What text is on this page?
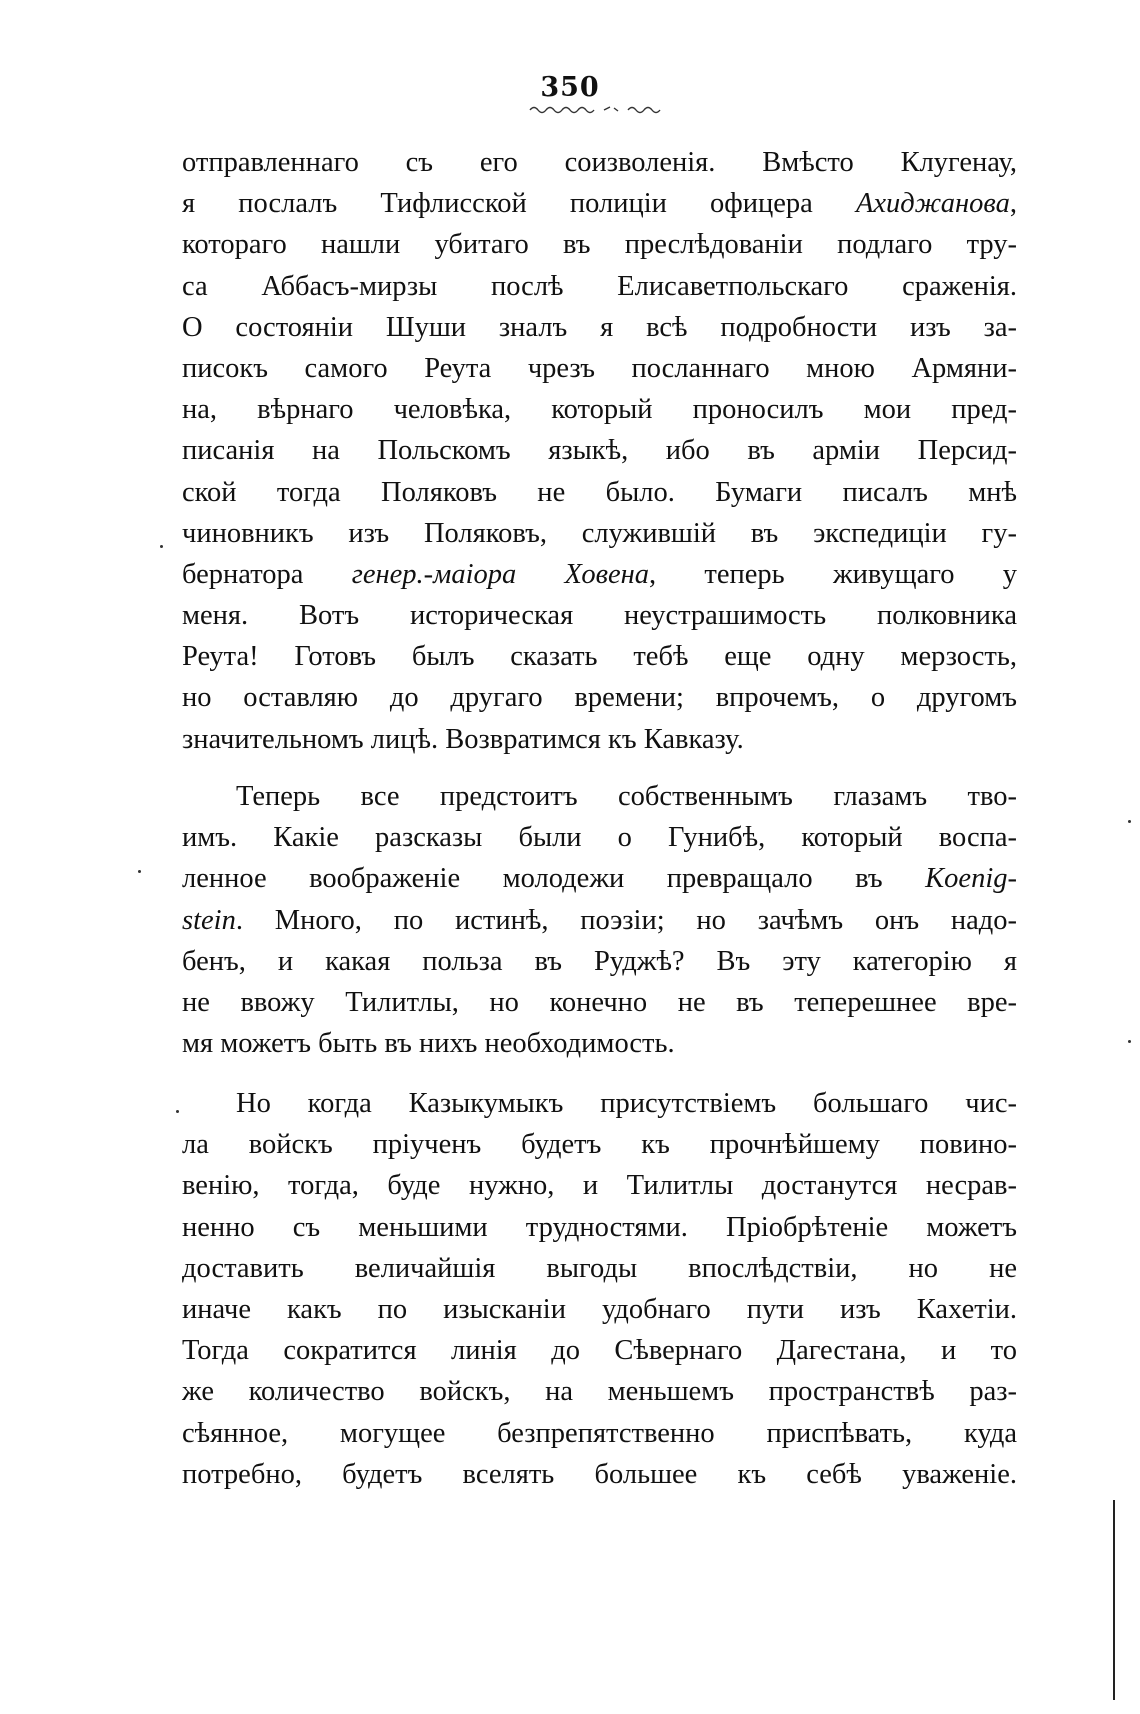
350
отправленнаго съ его соизволенія. Вмѣсто Клугенау,
я послалъ Тифлисской полиціи офицера Ахиджанова,
котораго нашли убитаго въ преслѣдованіи подлаго тру-
са Аббасъ-мирзы послѣ Елисаветпольскаго сраженія.
О состояніи Шуши зналъ я всѣ подробности изъ за-
писокъ самого Реута чрезъ посланнаго мною Армяни-
на, вѣрнаго человѣка, который проносилъ мои пред-
писанія на Польскомъ языкѣ, ибо въ арміи Персид-
ской тогда Поляковъ не было. Бумаги писалъ мнѣ
чиновникъ изъ Поляковъ, служившій въ экспедиціи гу-
бернатора генер.-маіора Ховена, теперь живущаго у
меня. Вотъ историческая неустрашимость полковника
Реута! Готовъ былъ сказать тебѣ еще одну мерзость,
но оставляю до другаго времени; впрочемъ, о другомъ
значительномъ лицѣ. Возвратимся къ Кавказу.
Теперь все предстоитъ собственнымъ глазамъ тво-
имъ. Какіе разсказы были о Гунибѣ, который воспа-
ленное воображеніе молодежи превращало въ Koenig-
stein. Много, по истинѣ, поэзіи; но зачѣмъ онъ надо-
бенъ, и какая польза въ Руджѣ? Въ эту категорію я
не ввожу Тилитлы, но конечно не въ теперешнее вре-
мя можетъ быть въ нихъ необходимость.
Но когда Казыкумыкъ присутствіемъ большаго чис-
ла войскъ пріученъ будетъ къ прочнѣйшему повино-
венію, тогда, буде нужно, и Тилитлы достанутся несрав-
ненно съ меньшими трудностями. Пріобрѣтеніе можетъ
доставить величайшія выгоды впослѣдствіи, но не
иначе какъ по изысканіи удобнаго пути изъ Кахетіи.
Тогда сократится линія до Сѣвернаго Дагестана, и то
же количество войскъ, на меньшемъ пространствѣ раз-
сѣянное, могущее безпрепятственно приспѣвать, куда
потребно, будетъ вселять большее къ себѣ уваженіе.
